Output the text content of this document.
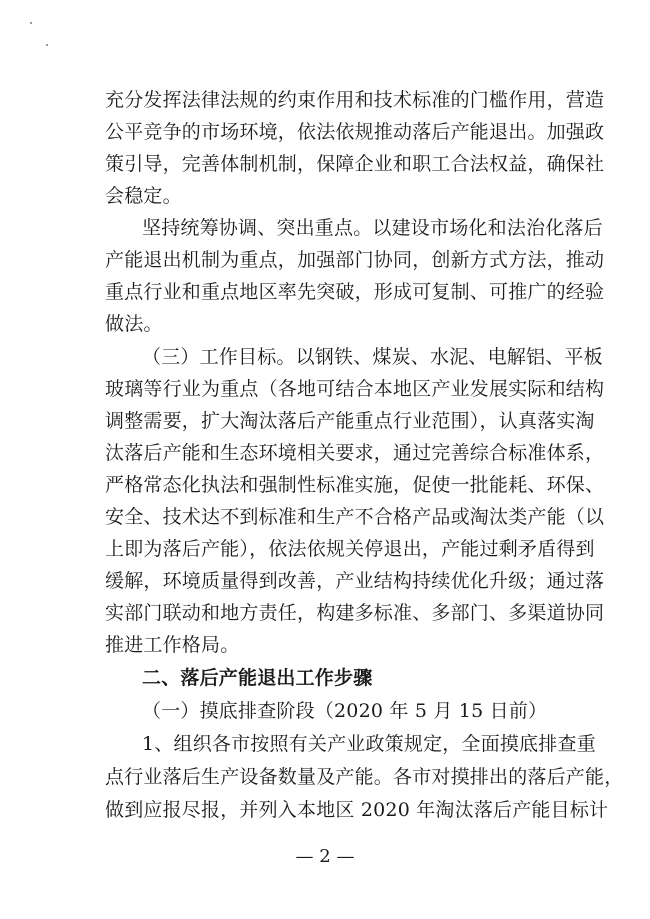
充分发挥法律法规的约束作用和技术标准的门槛作用，营造
公平竞争的市场环境，依法依规推动落后产能退出。加强政
策引导，完善体制机制，保障企业和职工合法权益，确保社
会稳定。
坚持统筹协调、突出重点。以建设市场化和法治化落后
产能退出机制为重点，加强部门协同，创新方式方法，推动
重点行业和重点地区率先突破，形成可复制、可推广的经验
做法。
（三）工作目标。以钢铁、煤炭、水泥、电解铝、平板
玻璃等行业为重点（各地可结合本地区产业发展实际和结构
调整需要，扩大淘汰落后产能重点行业范围），认真落实淘
汰落后产能和生态环境相关要求，通过完善综合标准体系，
严格常态化执法和强制性标准实施，促使一批能耗、环保、
安全、技术达不到标准和生产不合格产品或淘汰类产能（以
上即为落后产能），依法依规关停退出，产能过剩矛盾得到
缓解，环境质量得到改善，产业结构持续优化升级；通过落
实部门联动和地方责任，构建多标准、多部门、多渠道协同
推进工作格局。
二、落后产能退出工作步骤
（一）摸底排查阶段（2020 年 5 月 15 日前）
1、组织各市按照有关产业政策规定，全面摸底排查重
点行业落后生产设备数量及产能。各市对摸排出的落后产能，
做到应报尽报，并列入本地区 2020 年淘汰落后产能目标计
— 2 —
